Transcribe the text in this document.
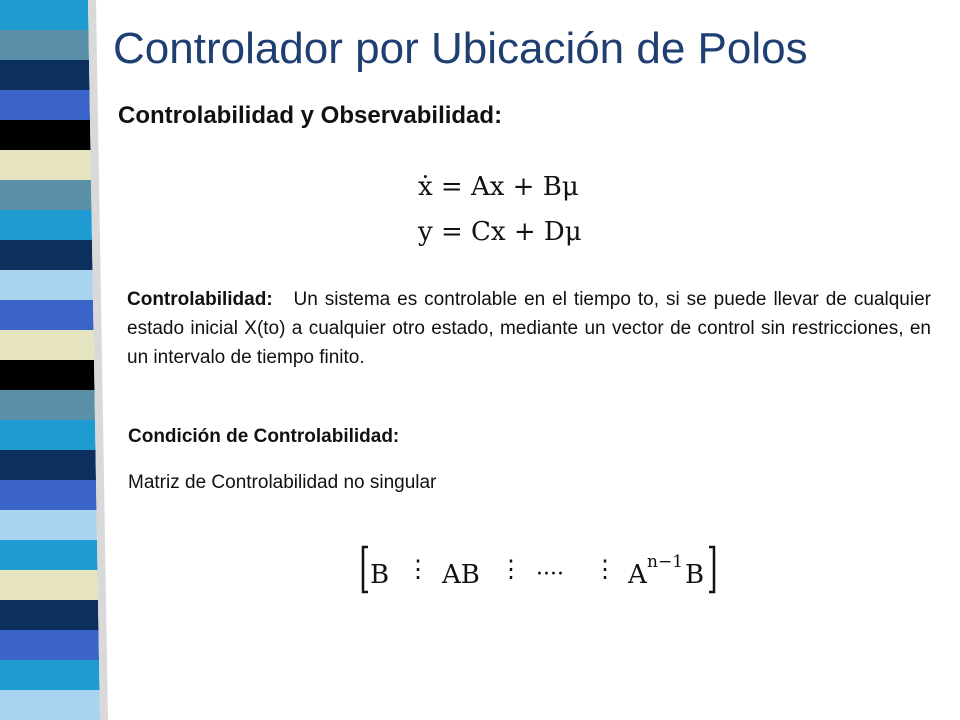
Controlador por Ubicación de Polos
Controlabilidad y Observabilidad:
ẋ = Ax + Bμ
y = Cx + Dμ
Controlabilidad: Un sistema es controlable en el tiempo to, si se puede llevar de cualquier estado inicial X(to) a cualquier otro estado, mediante un vector de control sin restricciones, en un intervalo de tiempo finito.
Condición de Controlabilidad:
Matriz de Controlabilidad no singular
B ⋮ AB ⋮ ···· ⋮ A n−1 B
